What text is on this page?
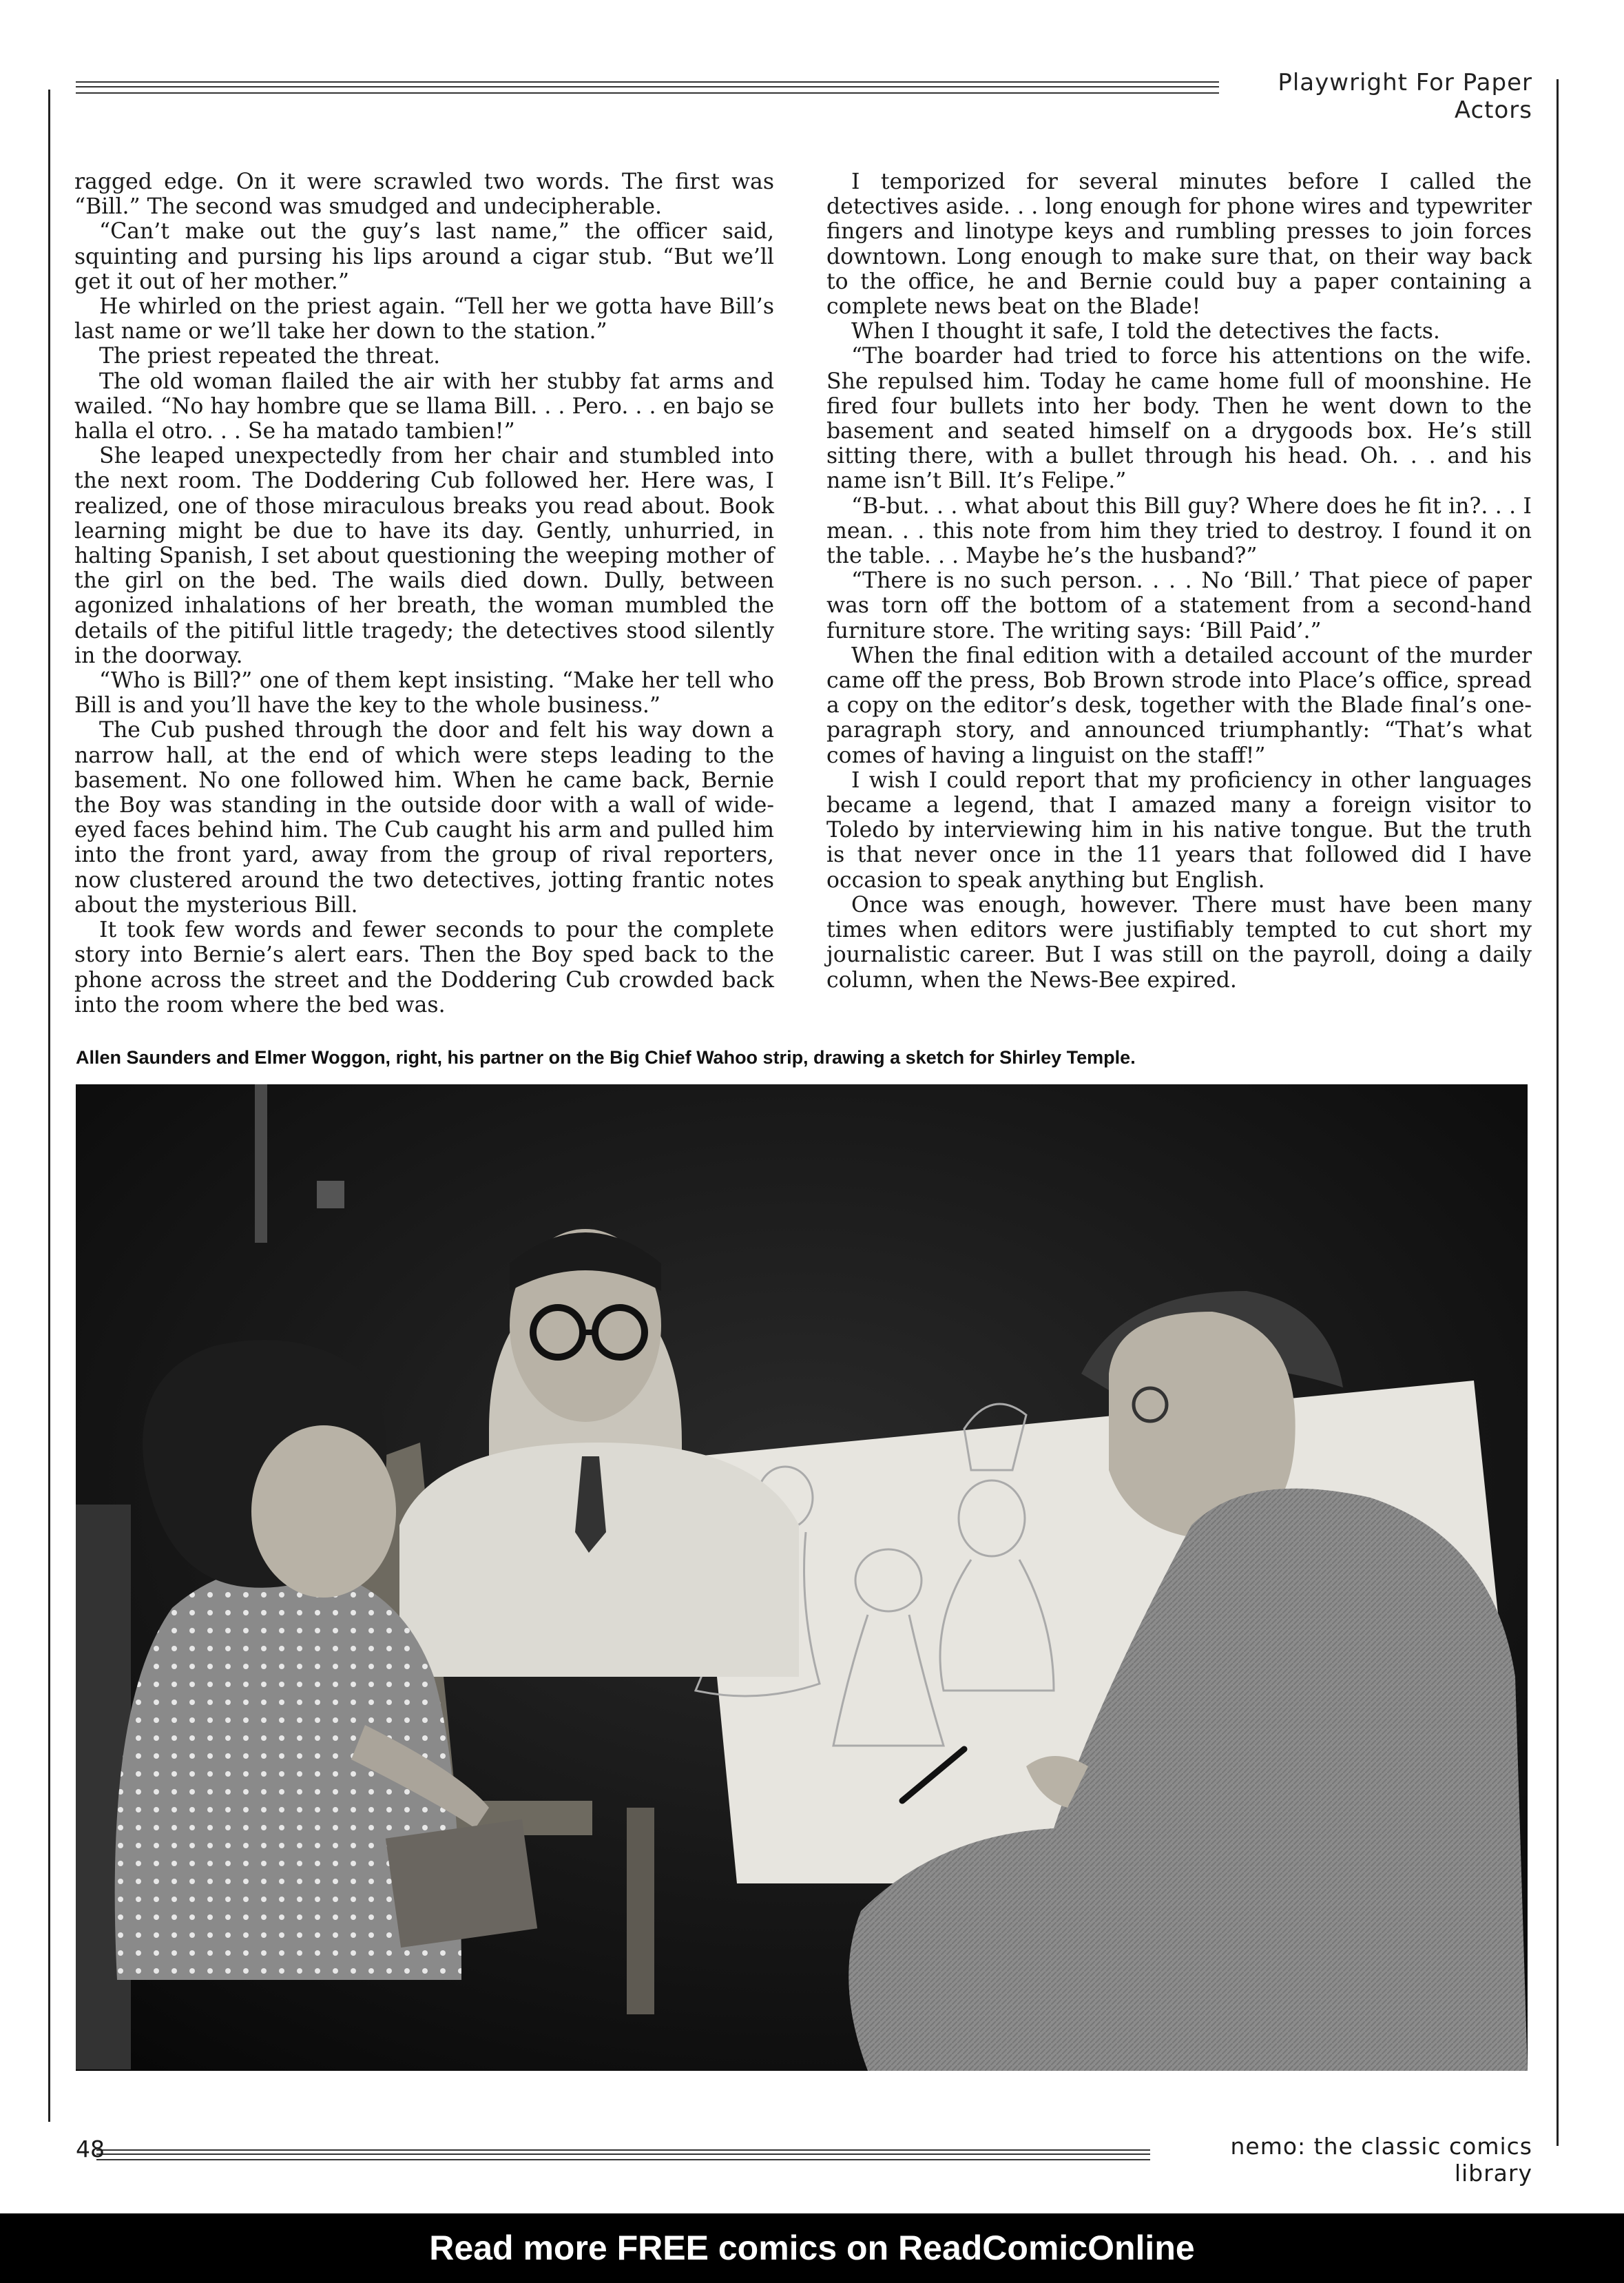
Playwright For Paper Actors

ragged edge. On it were scrawled two words. The first was “Bill.” The second was smudged and undecipherable.

“Can’t make out the guy’s last name,” the officer said, squinting and pursing his lips around a cigar stub. “But we’ll get it out of her mother.”

He whirled on the priest again. “Tell her we gotta have Bill’s last name or we’ll take her down to the station.”

The priest repeated the threat.

The old woman flailed the air with her stubby fat arms and wailed. “No hay hombre que se llama Bill. . . Pero. . . en bajo se halla el otro. . . Se ha matado tambien!”

She leaped unexpectedly from her chair and stumbled into the next room. The Doddering Cub followed her. Here was, I realized, one of those miraculous breaks you read about. Book learning might be due to have its day. Gently, unhurried, in halting Spanish, I set about questioning the weeping mother of the girl on the bed. The wails died down. Dully, between agonized inhalations of her breath, the woman mumbled the details of the pitiful little tragedy; the detectives stood silently in the doorway.

“Who is Bill?” one of them kept insisting. “Make her tell who Bill is and you’ll have the key to the whole business.”

The Cub pushed through the door and felt his way down a narrow hall, at the end of which were steps leading to the basement. No one followed him. When he came back, Bernie the Boy was standing in the outside door with a wall of wide-eyed faces behind him. The Cub caught his arm and pulled him into the front yard, away from the group of rival reporters, now clustered around the two detectives, jotting frantic notes about the mysterious Bill.

It took few words and fewer seconds to pour the complete story into Bernie’s alert ears. Then the Boy sped back to the phone across the street and the Doddering Cub crowded back into the room where the bed was.

I temporized for several minutes before I called the detectives aside. . . long enough for phone wires and typewriter fingers and linotype keys and rumbling presses to join forces downtown. Long enough to make sure that, on their way back to the office, he and Bernie could buy a paper containing a complete news beat on the Blade!

When I thought it safe, I told the detectives the facts.

“The boarder had tried to force his attentions on the wife. She repulsed him. Today he came home full of moonshine. He fired four bullets into her body. Then he went down to the basement and seated himself on a drygoods box. He’s still sitting there, with a bullet through his head. Oh. . . and his name isn’t Bill. It’s Felipe.”

“B-but. . . what about this Bill guy? Where does he fit in?. . . I mean. . . this note from him they tried to destroy. I found it on the table. . . Maybe he’s the husband?”

“There is no such person. . . . No ‘Bill.’ That piece of paper was torn off the bottom of a statement from a second-hand furniture store. The writing says: ‘Bill Paid’.”

When the final edition with a detailed account of the murder came off the press, Bob Brown strode into Place’s office, spread a copy on the editor’s desk, together with the Blade final’s one-paragraph story, and announced triumphantly: “That’s what comes of having a linguist on the staff!”

I wish I could report that my proficiency in other languages became a legend, that I amazed many a foreign visitor to Toledo by interviewing him in his native tongue. But the truth is that never once in the 11 years that followed did I have occasion to speak anything but English.

Once was enough, however. There must have been many times when editors were justifiably tempted to cut short my journalistic career. But I was still on the payroll, doing a daily column, when the News-Bee expired.

Allen Saunders and Elmer Woggon, right, his partner on the Big Chief Wahoo strip, drawing a sketch for Shirley Temple.
48	nemo: the classic comics library
Read more FREE comics on ReadComicOnline
